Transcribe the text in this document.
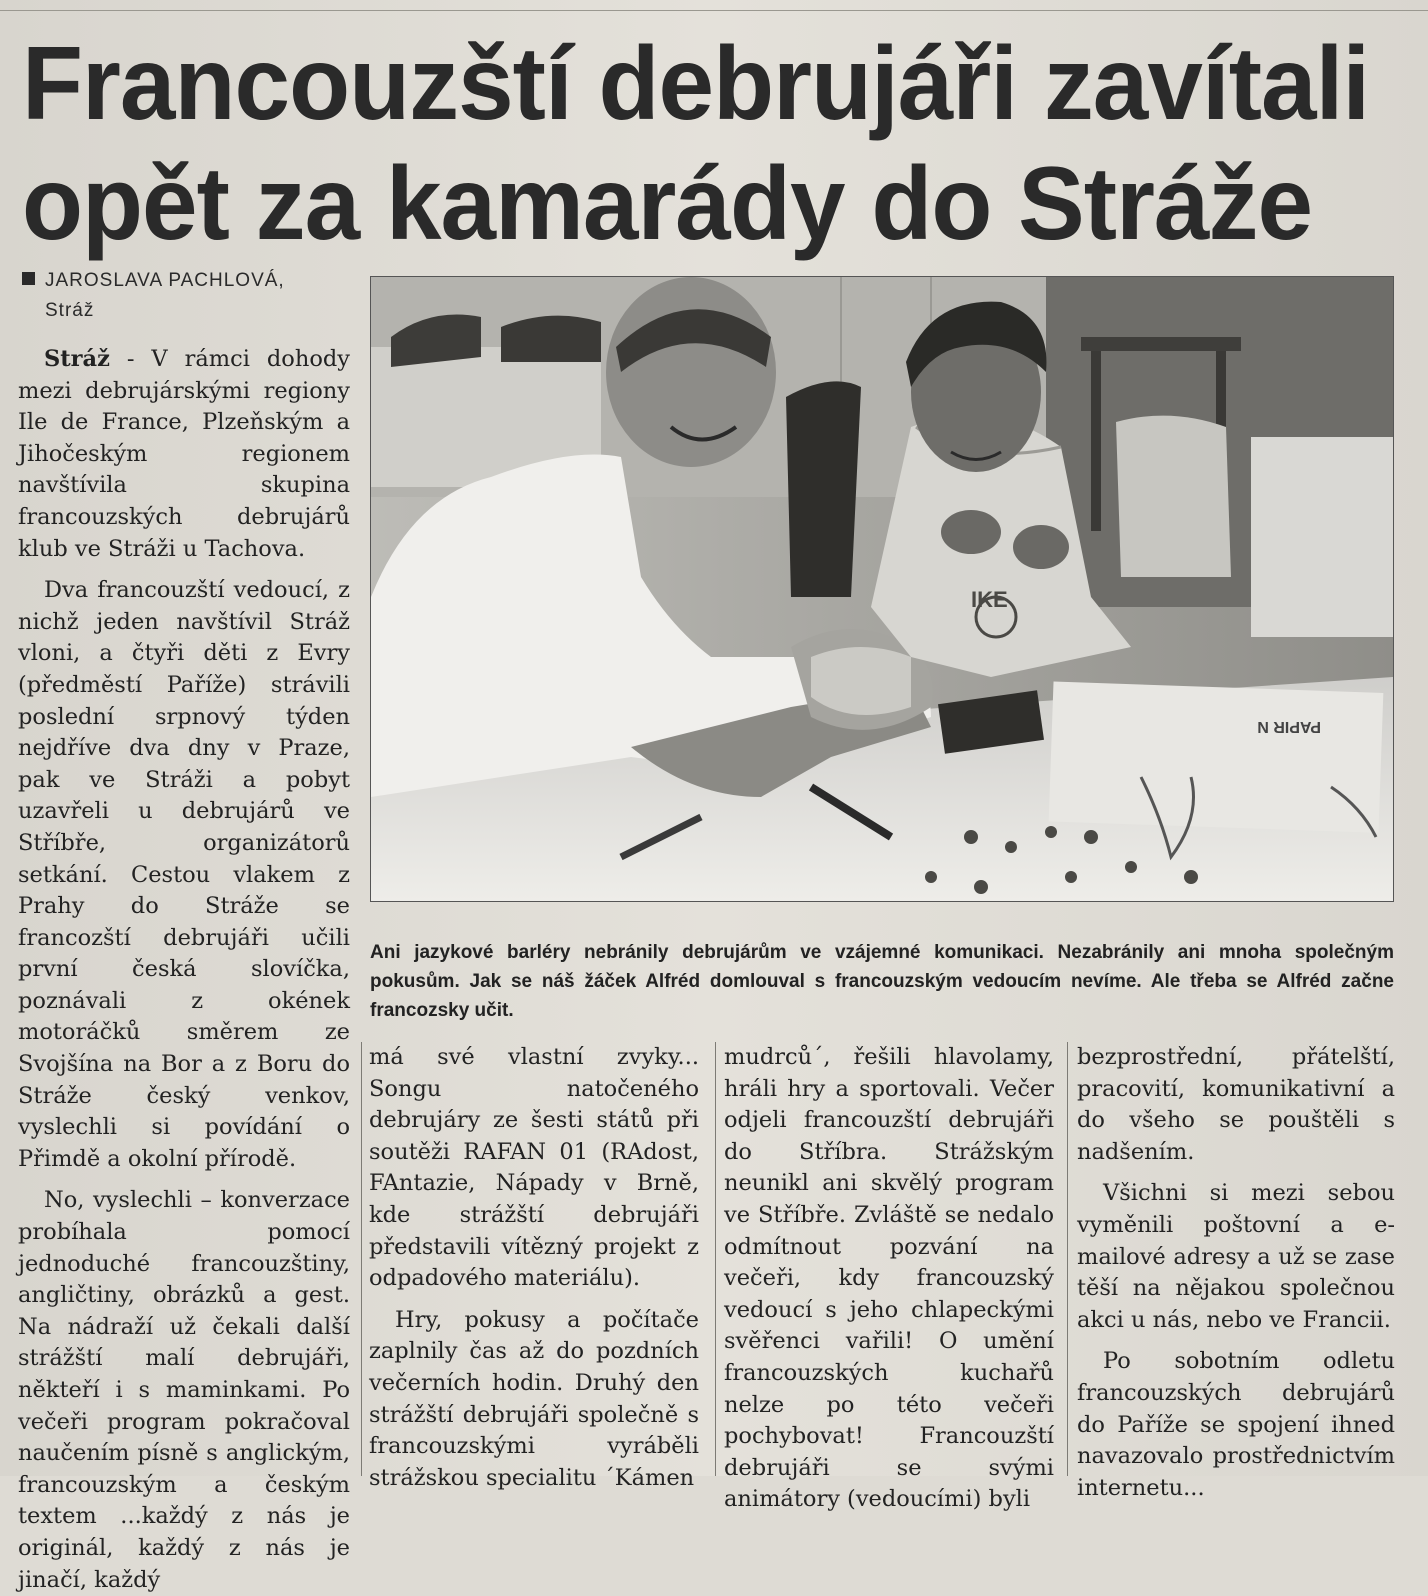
Francouzští debrujáři zavítali
opět za kamarády do Stráže
JAROSLAVA PACHLOVÁ,
Stráž

Stráž - V rámci dohody mezi debrujárskými regiony Ile de France, Plzeňským a Jihočeským regionem navštívila skupina francouzských debrujárů klub ve Stráži u Tachova.

Dva francouzští vedoucí, z nichž jeden navštívil Stráž vloni, a čtyři děti z Evry (předměstí Paříže) strávili poslední srpnový týden nejdříve dva dny v Praze, pak ve Stráži a pobyt uzavřeli u debrujárů ve Stříbře, organizátorů setkání. Cestou vlakem z Prahy do Stráže se francozští debrujáři učili první česká slovíčka, poznávali z okének motoráčků směrem ze Svojšína na Bor a z Boru do Stráže český venkov, vyslechli si povídání o Přimdě a okolní přírodě.

No, vyslechli – konverzace probíhala pomocí jednoduché francouzštiny, angličtiny, obrázků a gest. Na nádraží už čekali další strážští malí debrujáři, někteří i s maminkami. Po večeři program pokračoval naučením písně s anglickým, francouzským a českým textem ...každý z nás je originál, každý z nás je jinačí, každý

IKE
PAPIR N
Ani jazykové barléry nebránily debrujárům ve vzájemné komunikaci. Nezabránily ani mnoha společným pokusům. Jak se náš žáček Alfréd domlouval s francouzským vedoucím nevíme. Ale třeba se Alfréd začne francozsky učit.

má své vlastní zvyky... Songu natočeného debrujáry ze šesti států při soutěži RAFAN 01 (RAdost, FAntazie, Nápady v Brně, kde strážští debrujáři představili vítězný projekt z odpadového materiálu).

Hry, pokusy a počítače zaplnily čas až do pozdních večerních hodin. Druhý den strážští debrujáři společně s francouzskými vyráběli strážskou specialitu ´Kámen

mudrců´, řešili hlavolamy, hráli hry a sportovali. Večer odjeli francouzští debrujáři do Stříbra. Strážským neunikl ani skvělý program ve Stříbře. Zvláště se nedalo odmítnout pozvání na večeři, kdy francouzský vedoucí s jeho chlapeckými svěřenci vařili! O umění francouzských kuchařů nelze po této večeři pochybovat! Francouzští debrujáři se svými animátory (vedoucími) byli

bezprostřední, přátelští, pracovití, komunikativní a do všeho se pouštěli s nadšením.

Všichni si mezi sebou vyměnili poštovní a e-mailové adresy a už se zase těší na nějakou společnou akci u nás, nebo ve Francii.

Po sobotním odletu francouzských debrujárů do Paříže se spojení ihned navazovalo prostřednictvím internetu...
